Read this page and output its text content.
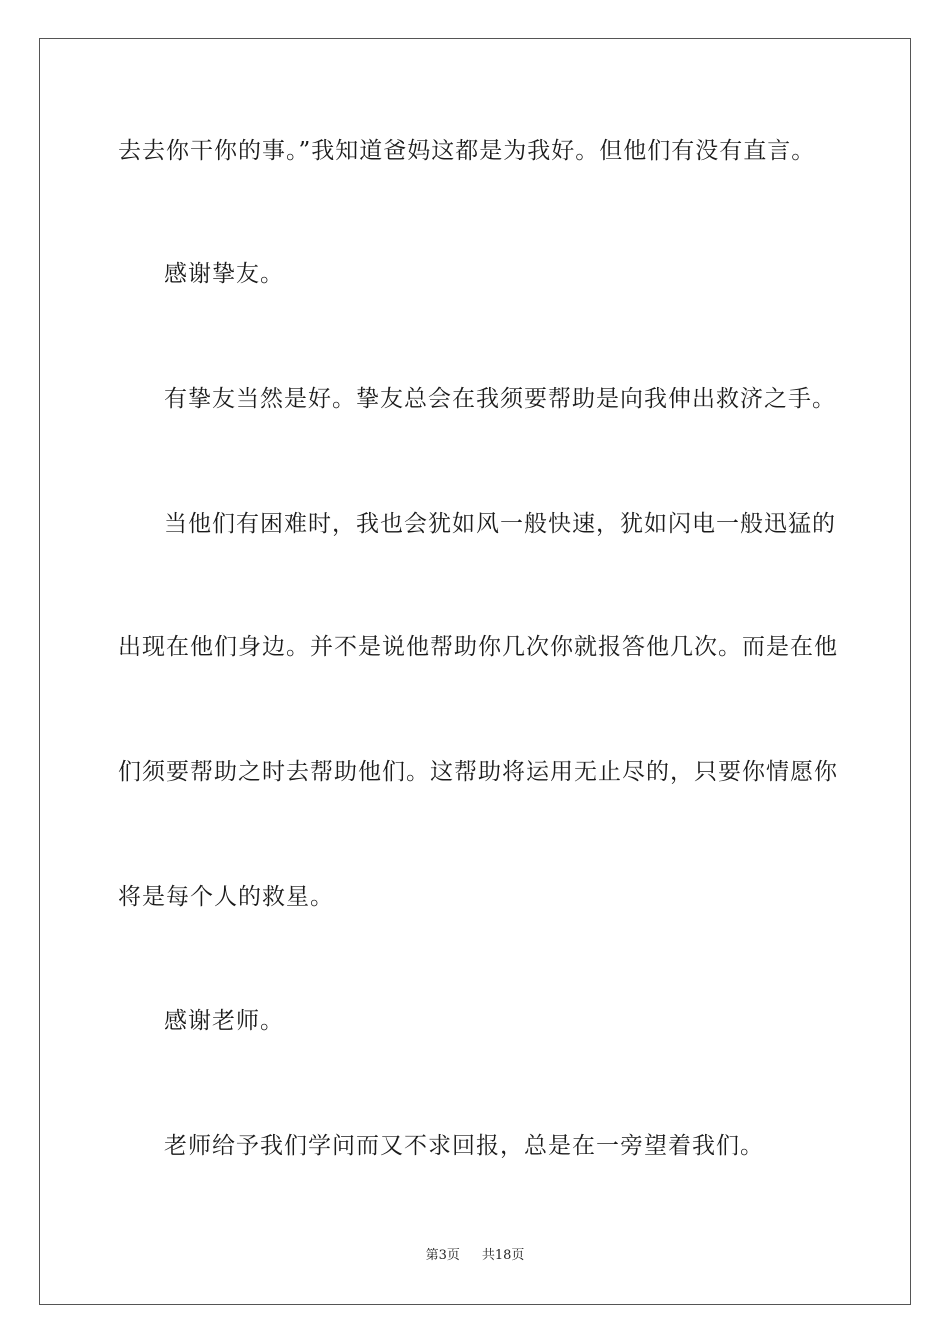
去去你干你的事。”我知道爸妈这都是为我好。但他们有没有直言。
感谢挚友。
有挚友当然是好。挚友总会在我须要帮助是向我伸出救济之手。
当他们有困难时，我也会犹如风一般快速，犹如闪电一般迅猛的
出现在他们身边。并不是说他帮助你几次你就报答他几次。而是在他
们须要帮助之时去帮助他们。这帮助将运用无止尽的，只要你情愿你
将是每个人的救星。
感谢老师。
老师给予我们学问而又不求回报，总是在一旁望着我们。
第3页 共18页
